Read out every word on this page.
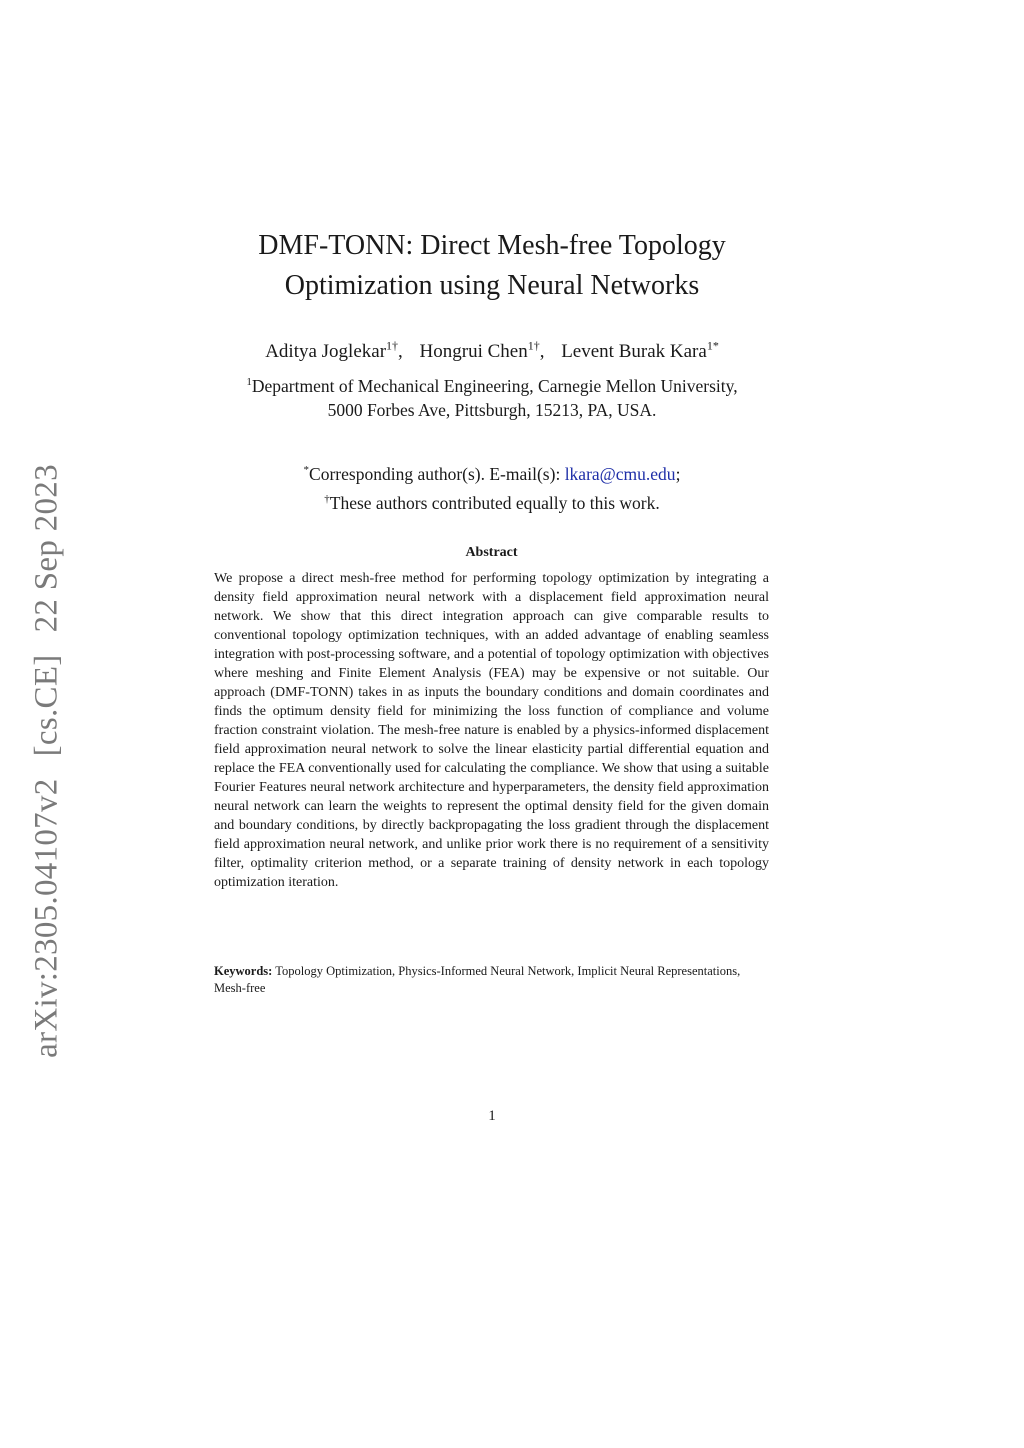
arXiv:2305.04107v2[cs.CE]22 Sep 2023
DMF-TONN: Direct Mesh-free Topology
Optimization using Neural Networks
Aditya Joglekar$^{1\dagger}$, Hongrui Chen$^{1\dagger}$, Levent Burak Kara$^{1*}$
$^1$Department of Mechanical Engineering, Carnegie Mellon University,
5000 Forbes Ave, Pittsburgh, 15213, PA, USA.
*Corresponding author(s). E-mail(s): lkara@cmu.edu;
†These authors contributed equally to this work.
Abstract

We propose a direct mesh-free method for performing topology optimization by integrating a density field approximation neural network with a displacement field approximation neural network. We show that this direct integration approach can give comparable results to conventional topology optimization techniques, with an added advantage of enabling seamless integration with post-processing software, and a potential of topology optimization with objectives where meshing and Finite Element Analysis (FEA) may be expensive or not suitable. Our approach (DMF-TONN) takes in as inputs the boundary conditions and domain coordinates and finds the optimum density field for minimizing the loss function of compliance and volume fraction constraint violation. The mesh-free nature is enabled by a physics-informed displacement field approximation neural network to solve the linear elasticity partial differential equation and replace the FEA conventionally used for calculating the compliance. We show that using a suitable Fourier Features neural network architecture and hyperparameters, the density field approximation neural network can learn the weights to represent the optimal density field for the given domain and boundary conditions, by directly backpropagating the loss gradient through the displacement field approximation neural network, and unlike prior work there is no requirement of a sensitivity filter, optimality criterion method, or a separate training of density network in each topology optimization iteration.

Keywords: Topology Optimization, Physics-Informed Neural Network, Implicit Neural Representations, Mesh-free
1
